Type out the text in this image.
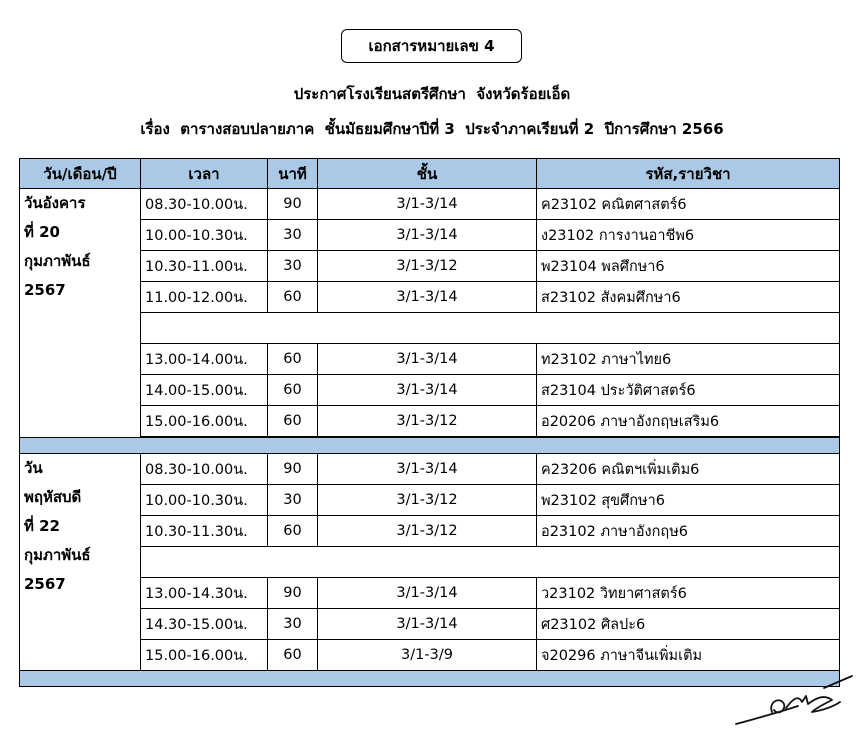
เอกสารหมายเลข 4
ประกาศโรงเรียนสตรีศึกษา  จังหวัดร้อยเอ็ด
เรื่อง  ตารางสอบปลายภาค  ชั้นมัธยมศึกษาปีที่ 3  ประจำภาคเรียนที่ 2  ปีการศึกษา 2566
วัน/เดือน/ปี	เวลา	นาที	ชั้น	รหัส,รายวิชา

วันอังคาร
ที่ 20
กุมภาพันธ์
2567	08.30-10.00น.	90	3/1-3/14	ค23102 คณิตศาสตร์6
	10.00-10.30น.	30	3/1-3/14	ง23102 การงานอาชีพ6
	10.30-11.00น.	30	3/1-3/12	พ23104 พลศึกษา6
	11.00-12.00น.	60	3/1-3/14	ส23102 สังคมศึกษา6

	13.00-14.00น.	60	3/1-3/14	ท23102 ภาษาไทย6
	14.00-15.00น.	60	3/1-3/14	ส23104 ประวัติศาสตร์6
	15.00-16.00น.	60	3/1-3/12	อ20206 ภาษาอังกฤษเสริม6

วัน
พฤหัสบดี
ที่ 22
กุมภาพันธ์
2567	08.30-10.00น.	90	3/1-3/14	ค23206 คณิตฯเพิ่มเติม6
	10.00-10.30น.	30	3/1-3/12	พ23102 สุขศึกษา6
	10.30-11.30น.	60	3/1-3/12	อ23102 ภาษาอังกฤษ6

	13.00-14.30น.	90	3/1-3/14	ว23102 วิทยาศาสตร์6
	14.30-15.00น.	30	3/1-3/14	ศ23102 ศิลปะ6
	15.00-16.00น.	60	3/1-3/9	จ20296 ภาษาจีนเพิ่มเติม
